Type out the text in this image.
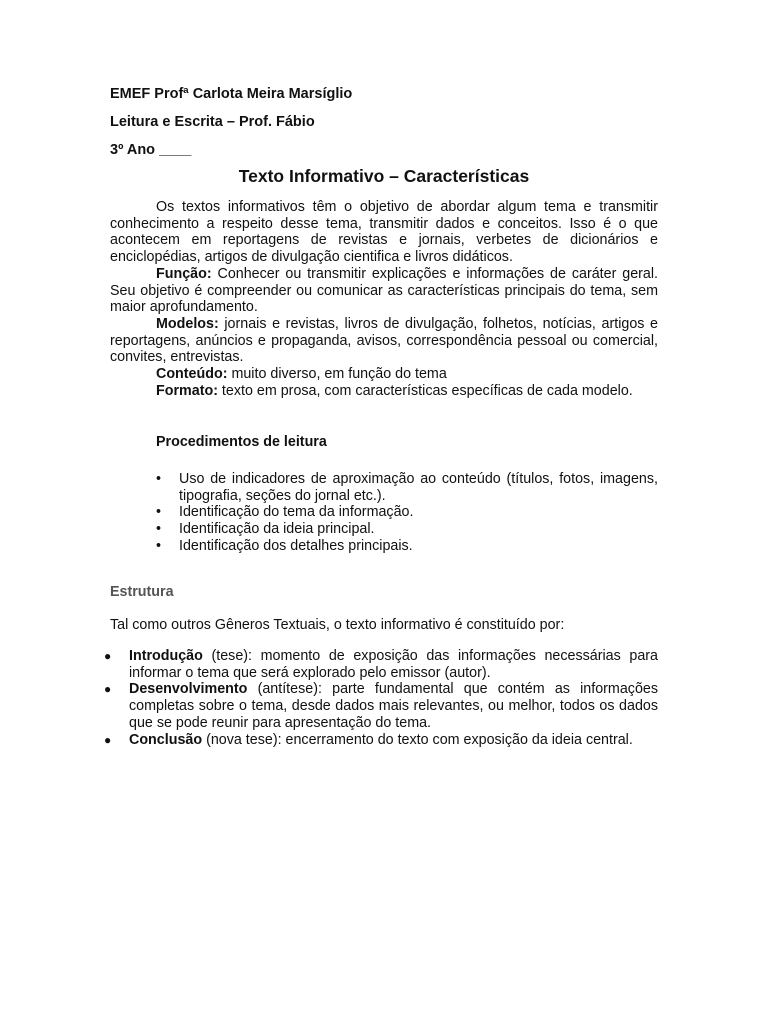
EMEF Profª Carlota Meira Marsíglio
Leitura e Escrita – Prof. Fábio
3º Ano ____
Texto Informativo – Características

Os textos informativos têm o objetivo de abordar algum tema e transmitir conhecimento a respeito desse tema, transmitir dados e conceitos. Isso é o que acontecem em reportagens de revistas e jornais, verbetes de dicionários e enciclopédias, artigos de divulgação cientifica e livros didáticos.

Função: Conhecer ou transmitir explicações e informações de caráter geral. Seu objetivo é compreender ou comunicar as características principais do tema, sem maior aprofundamento.

Modelos: jornais e revistas, livros de divulgação, folhetos, notícias, artigos e reportagens, anúncios e propaganda, avisos, correspondência pessoal ou comercial, convites, entrevistas.

Conteúdo: muito diverso, em função do tema

Formato: texto em prosa, com características específicas de cada modelo.

Procedimentos de leitura
• Uso de indicadores de aproximação ao conteúdo (títulos, fotos, imagens, tipografia, seções do jornal etc.).
• Identificação do tema da informação.
• Identificação da ideia principal.
• Identificação dos detalhes principais.
Estrutura
Tal como outros Gêneros Textuais, o texto informativo é constituído por:
● Introdução (tese): momento de exposição das informações necessárias para informar o tema que será explorado pelo emissor (autor).
● Desenvolvimento (antítese): parte fundamental que contém as informações completas sobre o tema, desde dados mais relevantes, ou melhor, todos os dados que se pode reunir para apresentação do tema.
● Conclusão (nova tese): encerramento do texto com exposição da ideia central.
